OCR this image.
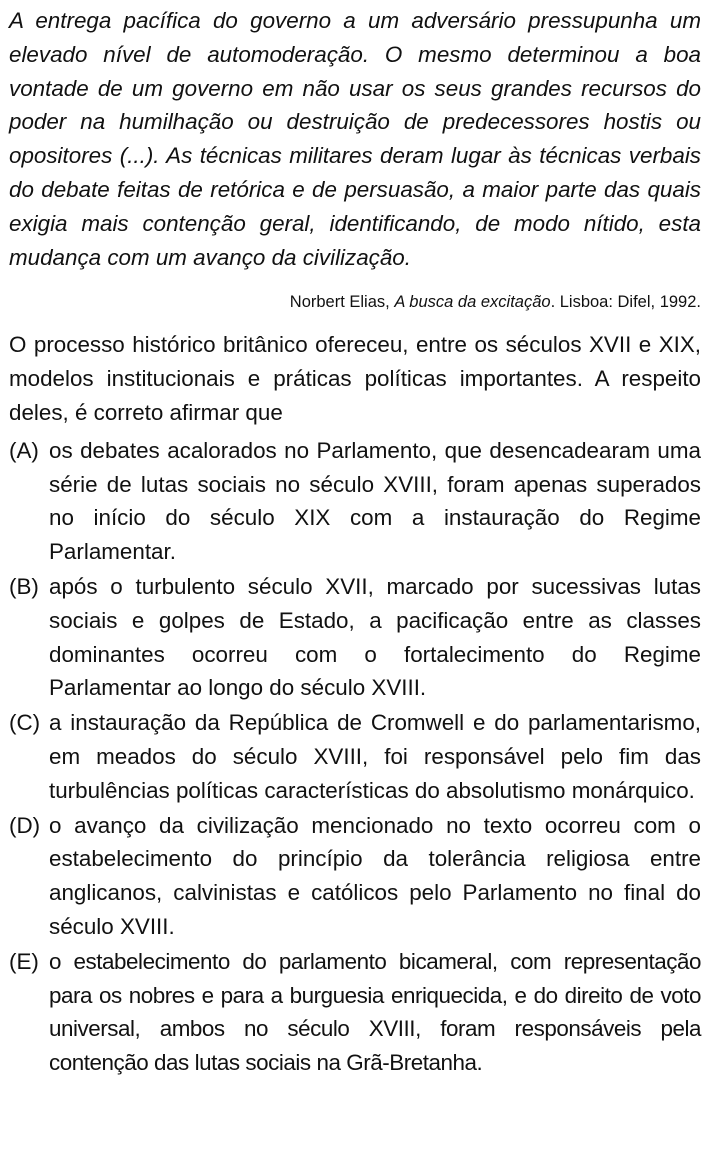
A entrega pacífica do governo a um adversário pressupunha um elevado nível de automoderação. O mesmo determinou a boa vontade de um governo em não usar os seus grandes recursos do poder na humilhação ou destruição de predecessores hostis ou opositores (...). As técnicas militares deram lugar às técnicas verbais do debate feitas de retórica e de persuasão, a maior parte das quais exigia mais contenção geral, identificando, de modo nítido, esta mudança com um avanço da civilização.

Norbert Elias, A busca da excitação. Lisboa: Difel, 1992.

O processo histórico britânico ofereceu, entre os séculos XVII e XIX, modelos institucionais e práticas políticas importantes. A respeito deles, é correto afirmar que

(A) os debates acalorados no Parlamento, que desencadearam uma série de lutas sociais no século XVIII, foram apenas superados no início do século XIX com a instauração do Regime Parlamentar.
(B) após o turbulento século XVII, marcado por sucessivas lutas sociais e golpes de Estado, a pacificação entre as classes dominantes ocorreu com o fortalecimento do Regime Parlamentar ao longo do século XVIII.
(C) a instauração da República de Cromwell e do parlamentarismo, em meados do século XVIII, foi responsável pelo fim das turbulências políticas características do absolutismo monárquico.
(D) o avanço da civilização mencionado no texto ocorreu com o estabelecimento do princípio da tolerância religiosa entre anglicanos, calvinistas e católicos pelo Parlamento no final do século XVIII.
(E) o estabelecimento do parlamento bicameral, com representação para os nobres e para a burguesia enriquecida, e do direito de voto universal, ambos no século XVIII, foram responsáveis pela contenção das lutas sociais na Grã-Bretanha.
